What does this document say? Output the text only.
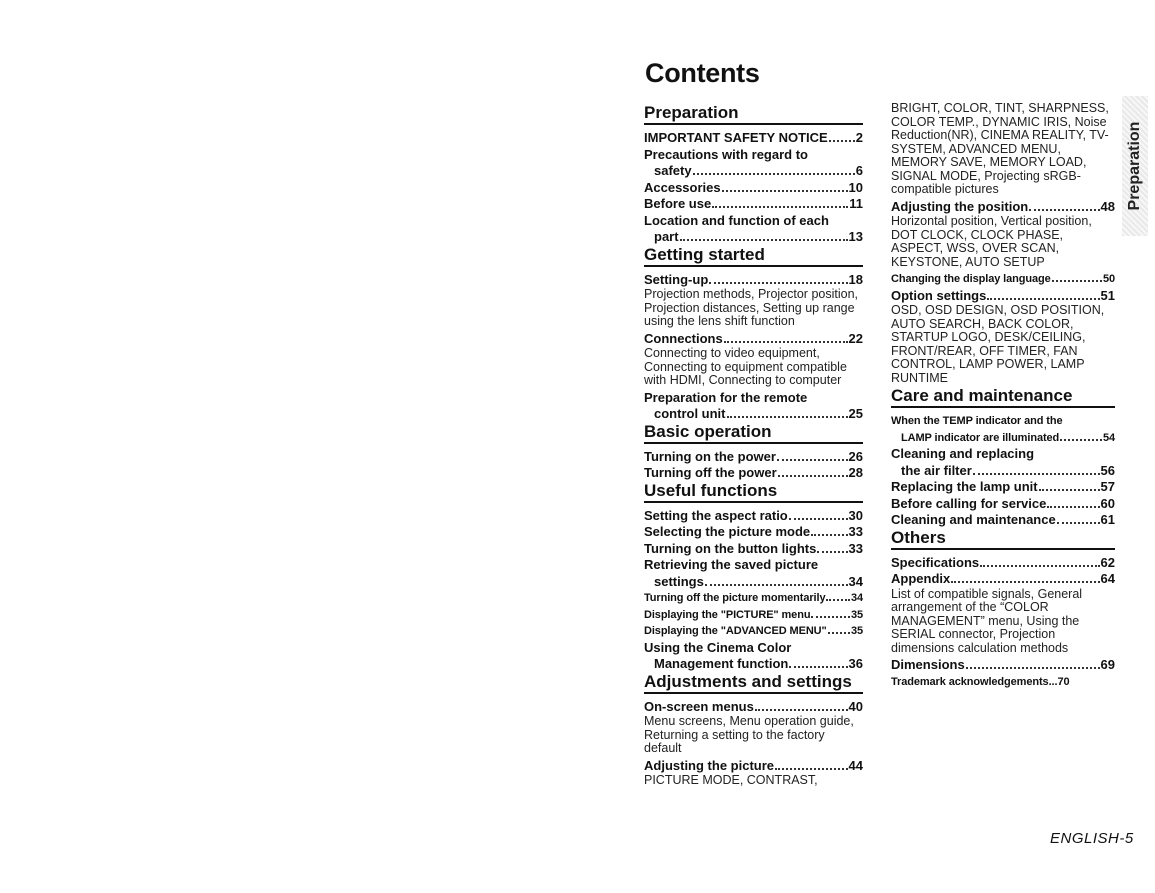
Contents
Preparation
IMPORTANT SAFETY NOTICE 2
Precautions with regard to
safety	6
Accessories	10
Before use	11
Location and function of each
part	13
Getting started
Setting-up	18
Projection methods, Projector position, Projection distances, Setting up range using the lens shift function
Connections	22
Connecting to video equipment, Connecting to equipment compatible with HDMI, Connecting to computer
Preparation for the remote
control unit	25
Basic operation
Turning on the power	26
Turning off the power	28
Useful functions
Setting the aspect ratio	30
Selecting the picture mode	33
Turning on the button lights 33
Retrieving the saved picture
settings	34
Turning off the picture momentarily 34
Displaying the "PICTURE" menu	35
Displaying the "ADVANCED MENU" 35
Using the Cinema Color
Management function	36
Adjustments and settings
On-screen menus	40
Menu screens, Menu operation guide, Returning a setting to the factory default
Adjusting the picture	44
PICTURE MODE, CONTRAST,
BRIGHT, COLOR, TINT, SHARPNESS, COLOR TEMP., DYNAMIC IRIS, Noise Reduction(NR), CINEMA REALITY, TV-SYSTEM, ADVANCED MENU, MEMORY SAVE, MEMORY LOAD, SIGNAL MODE, Projecting sRGB-compatible pictures
Adjusting the position	48
Horizontal position, Vertical position, DOT CLOCK, CLOCK PHASE, ASPECT, WSS, OVER SCAN, KEYSTONE, AUTO SETUP
Changing the display language	50
Option settings	51
OSD, OSD DESIGN, OSD POSITION, AUTO SEARCH, BACK COLOR, STARTUP LOGO, DESK/CEILING, FRONT/REAR, OFF TIMER, FAN CONTROL, LAMP POWER, LAMP RUNTIME
Care and maintenance
When the TEMP indicator and the
LAMP indicator are illuminated	54
Cleaning and replacing
the air filter	56
Replacing the lamp unit	57
Before calling for service	60
Cleaning and maintenance	61
Others
Specifications	62
Appendix	64
List of compatible signals, General arrangement of the “COLOR MANAGEMENT” menu, Using the SERIAL connector, Projection dimensions calculation methods
Dimensions	69
Trademark acknowledgements...70
Preparation
ENGLISH-5
